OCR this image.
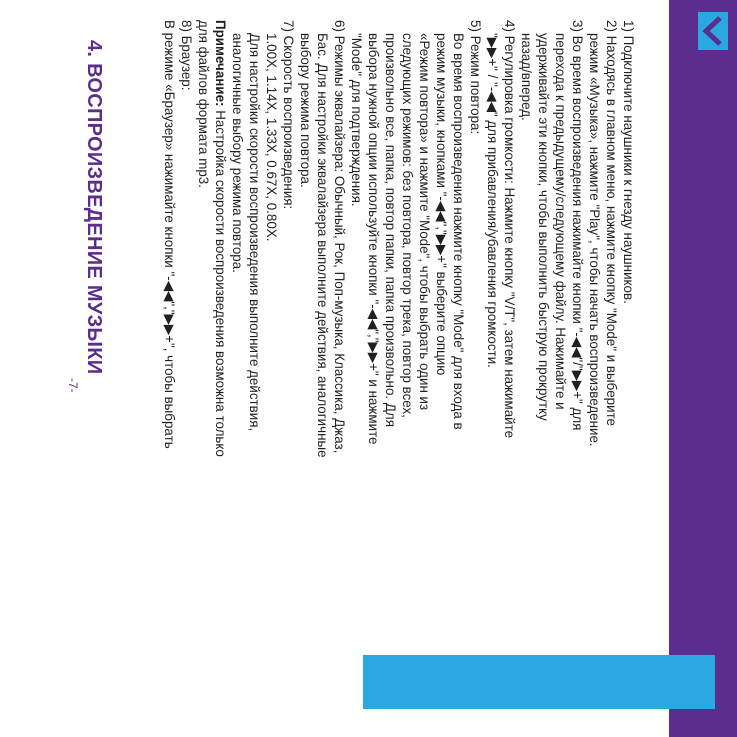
4. ВОСПРОИЗВЕДЕНИЕ МУЗЫКИ	1) Подключите наушники к гнезду наушников.
2) Находясь в главном меню, нажмите кнопку "Mode" и выберите
режим «Музыка», нажмите "Play", чтобы начать воспроизведение.
3) Во время воспроизведения нажимайте кнопки "-◀◀"/"▶▶+" для
перехода к предыдущему/следующему файлу. Нажимайте и
удерживайте эти кнопки, чтобы выполнить быструю прокрутку
назад/вперед.
4) Регулировка громкости: Нажмите кнопку "V/T", затем нажимайте
"▶▶+" / "-◀◀" для прибавления/убавления громкости.
5) Режим повтора:
Во время воспроизведения нажмите кнопку "Mode" для входа в
режим музыки, кнопками "-◀◀","▶▶+" выберите опцию
«Режим повтора» и нажмите "Mode", чтобы выбрать один из
следующих режимов: без повтора, повтор трека, повтор всех,
произвольно все, папка, повтор папки, папка произвольно. Для
выбора нужной опции используйте кнопки "-◀◀","▶▶+" и нажмите
"Mode" для подтверждения.
6) Режимы эквалайзера: Обычный, Рок, Поп-музыка, Классика, Джаз,
Бас. Для настройки эквалайзера выполните действия, аналогичные
выбору режима повтора.
7) Скорость воспроизведения:
1.00X, 1.14X, 1.33X, 0.67X, 0.80X.
Для настройки скорости воспроизведения выполните действия,
аналогичные выбору режима повтора.
Примечание: Настройка скорости воспроизведения возможна только
для файлов формата mp3.
8) Браузер:
В режиме «Браузер» нажимайте кнопки "-◀◀","▶▶+", чтобы выбрать
-7-
